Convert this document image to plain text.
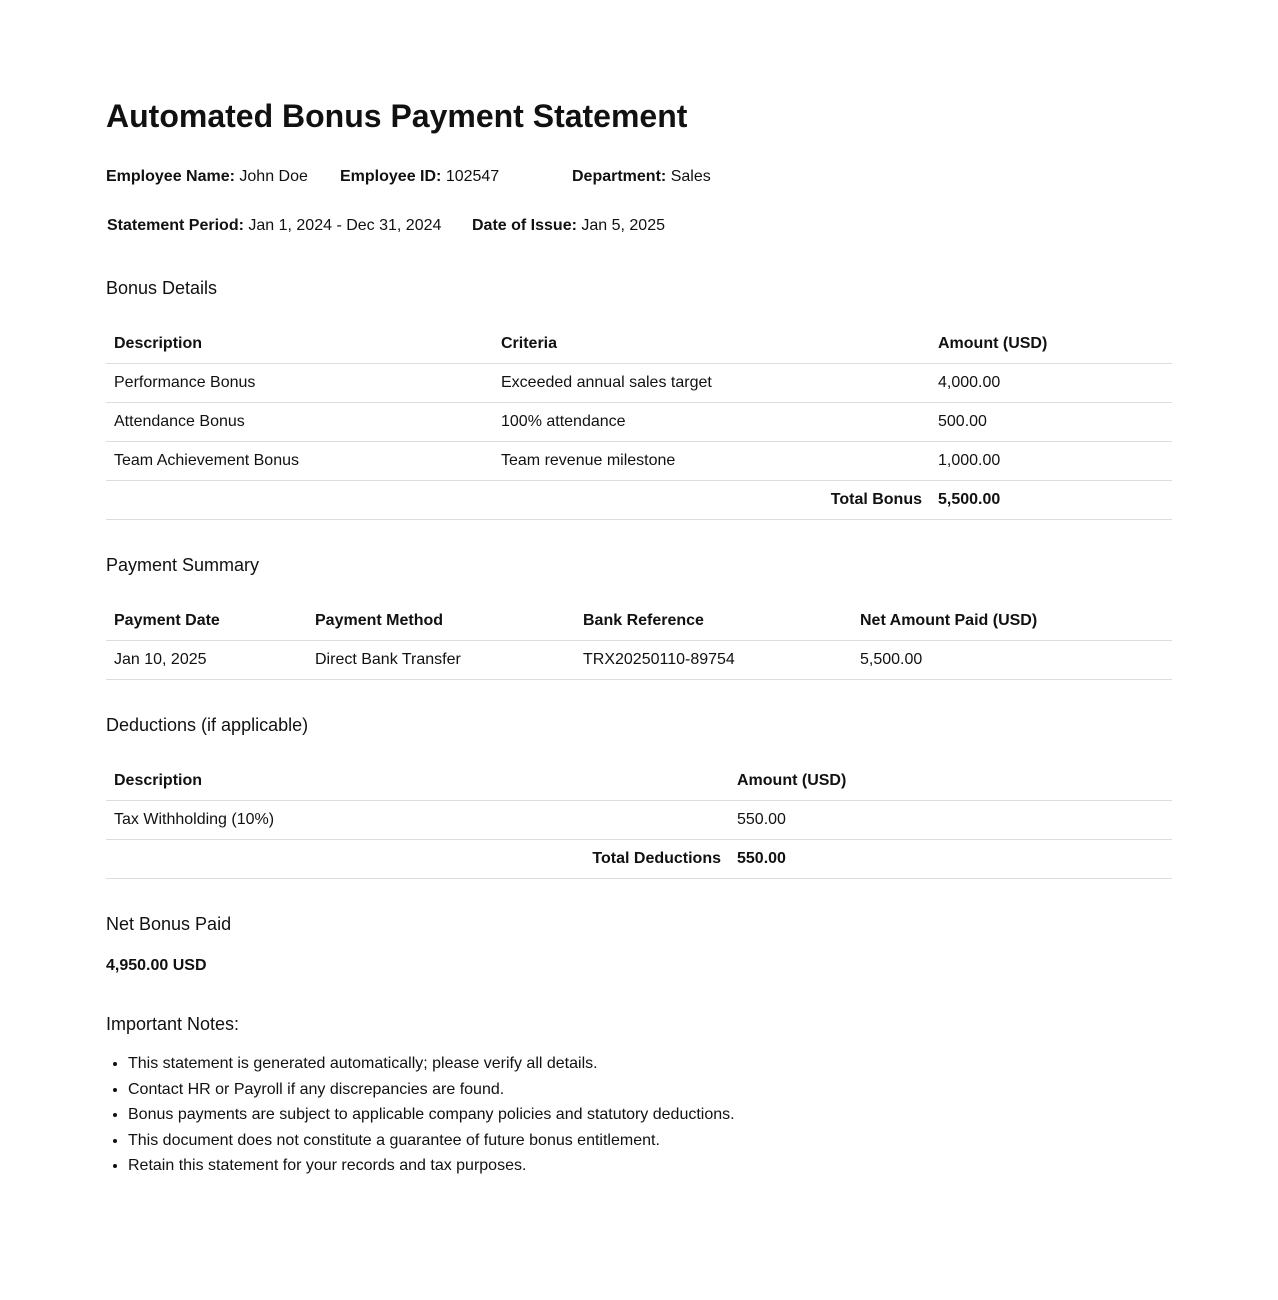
Automated Bonus Payment Statement
Employee Name: John Doe Employee ID: 102547	Department: Sales
Statement Period: Jan 1, 2024 - Dec 31, 2024 Date of Issue: Jan 5, 2025
Bonus Details
Description	Criteria	Amount (USD)
Performance Bonus	Exceeded annual sales target	4,000.00
Attendance Bonus	100% attendance	500.00
Team Achievement Bonus	Team revenue milestone	1,000.00
Total Bonus		5,500.00
Payment Summary
Payment Date	Payment Method	Bank Reference	Net Amount Paid (USD)
Jan 10, 2025	Direct Bank Transfer	TRX20250110-89754	5,500.00
Deductions (if applicable)
Description	Amount (USD)
Tax Withholding (10%)	550.00
Total Deductions	550.00
Net Bonus Paid
4,950.00 USD
Important Notes:
• This statement is generated automatically; please verify all details.
• Contact HR or Payroll if any discrepancies are found.
• Bonus payments are subject to applicable company policies and statutory deductions.
• This document does not constitute a guarantee of future bonus entitlement.
• Retain this statement for your records and tax purposes.
